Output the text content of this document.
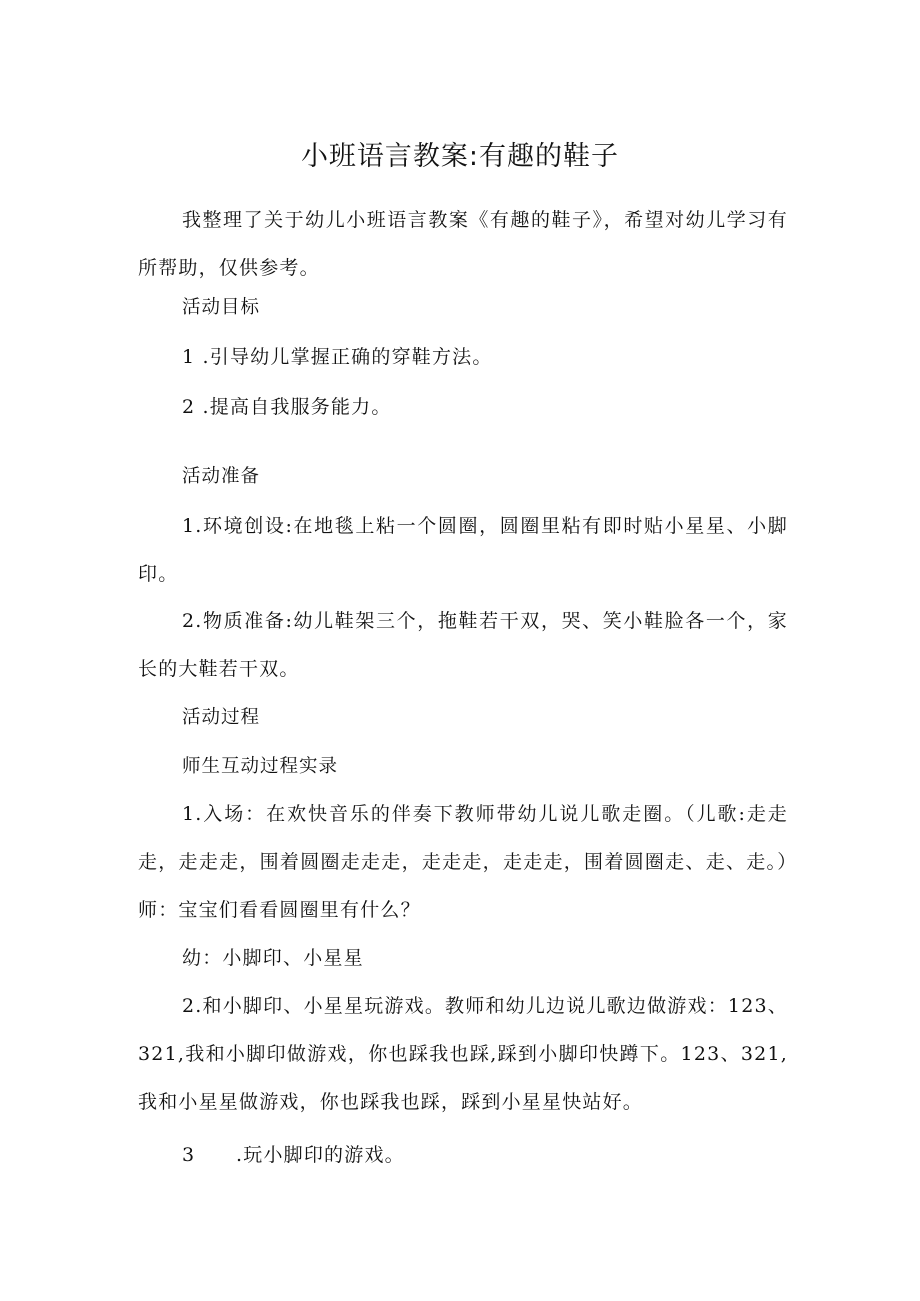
小班语言教案:有趣的鞋子
我整理了关于幼儿小班语言教案《有趣的鞋子》，希望对幼儿学习有所帮助，仅供参考。
活动目标
1 .引导幼儿掌握正确的穿鞋方法。
2 .提高自我服务能力。
活动准备
1.环境创设:在地毯上粘一个圆圈，圆圈里粘有即时贴小星星、小脚印。
2.物质准备:幼儿鞋架三个，拖鞋若干双，哭、笑小鞋脸各一个，家长的大鞋若干双。
活动过程
师生互动过程实录
1.入场：在欢快音乐的伴奏下教师带幼儿说儿歌走圈。（儿歌:走走走，走走走，围着圆圈走走走，走走走，走走走，围着圆圈走、走、走。）师：宝宝们看看圆圈里有什么？
幼：小脚印、小星星
2.和小脚印、小星星玩游戏。教师和幼儿边说儿歌边做游戏：123、321,我和小脚印做游戏，你也踩我也踩,踩到小脚印快蹲下。123、321,我和小星星做游戏，你也踩我也踩，踩到小星星快站好。
3 .玩小脚印的游戏。
